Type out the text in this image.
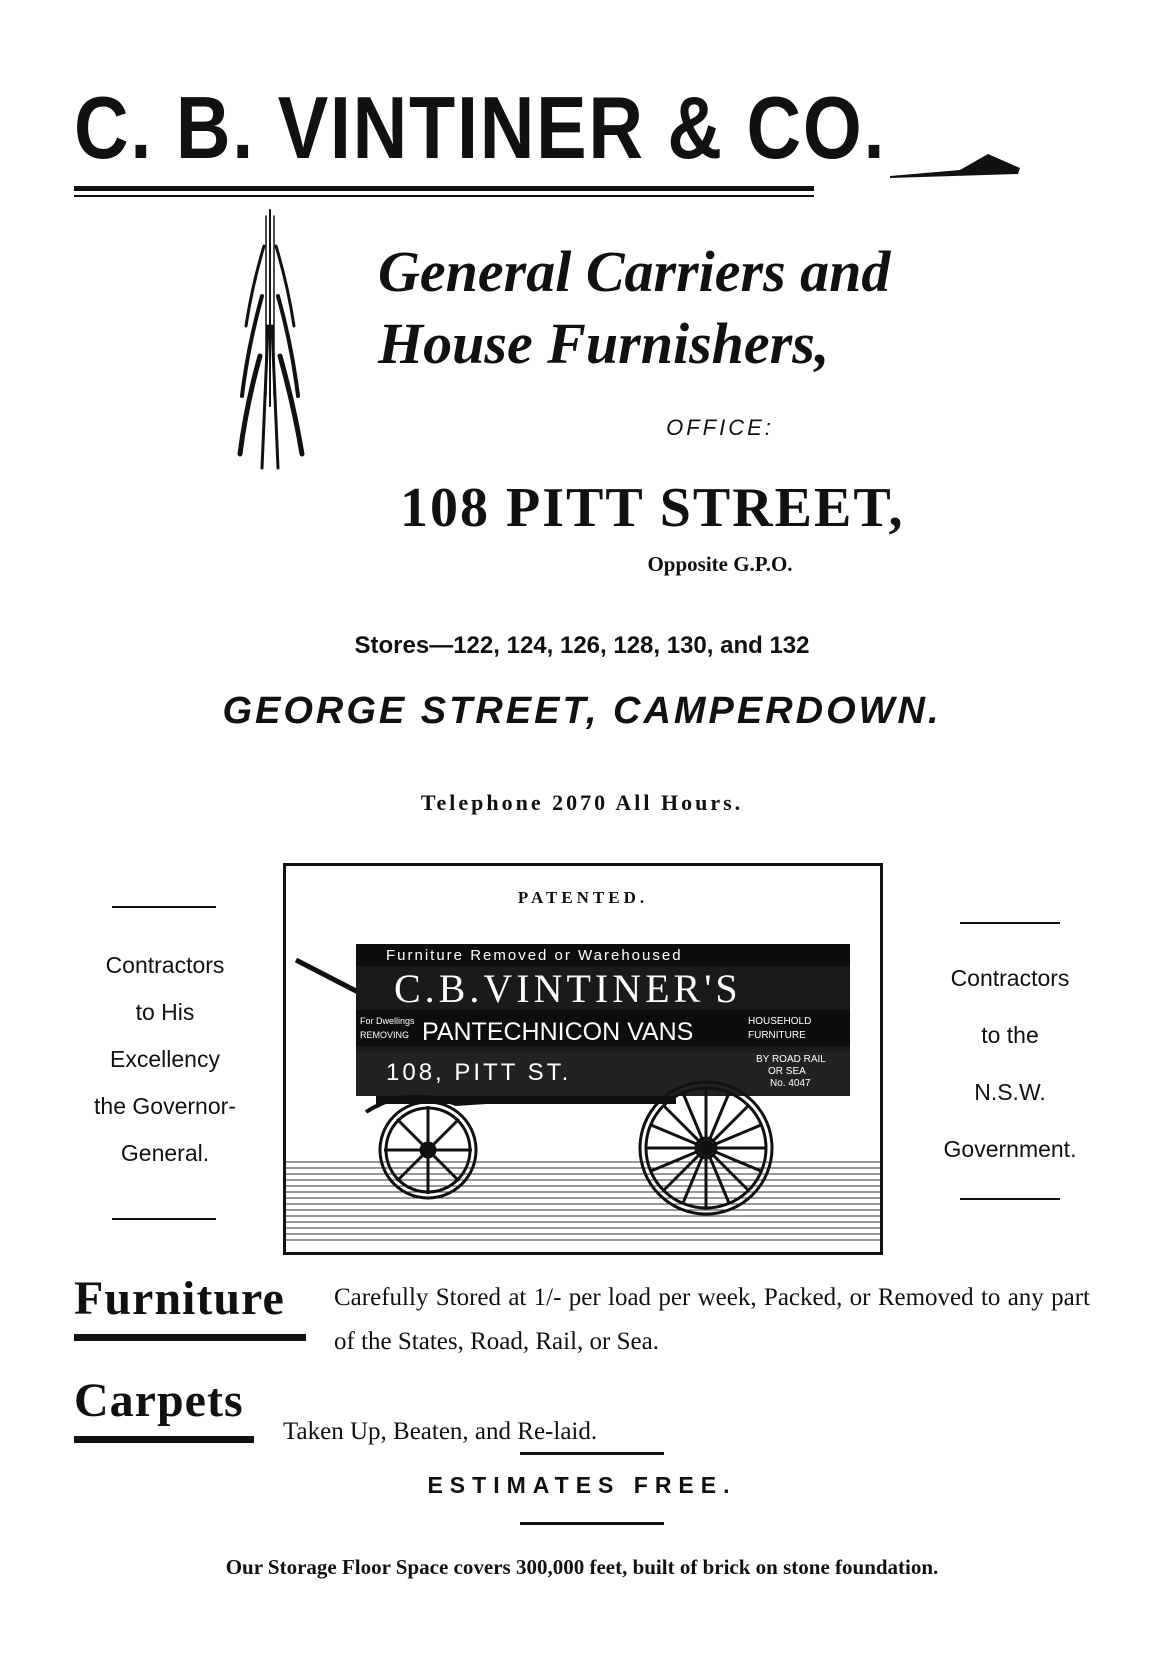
C. B. VINTINER & CO.
General Carriers and
House Furnishers,
OFFICE:
108 PITT STREET,
Opposite G.P.O.
Stores—122, 124, 126, 128, 130, and 132
GEORGE STREET, CAMPERDOWN.
Telephone 2070 All Hours.
Contractors
to His
Excellency
the Governor-
General.
Contractors
to the
N.S.W.
Government.
PATENTED.
Furniture Removed or Warehoused
C.B.VINTINER'S
For Dwellings
REMOVING PANTECHNICON VANS	HOUSEHOLD
FURNITURE
108, PITT ST.	BY ROAD RAIL
OR SEA
No. 4047
Furniture Carefully Stored at 1/- per load per week, Packed, or Removed to any part of the States, Road, Rail, or Sea.
Carpets
Taken Up, Beaten, and Re-laid.
ESTIMATES FREE.
Our Storage Floor Space covers 300,000 feet, built of brick on stone foundation.
